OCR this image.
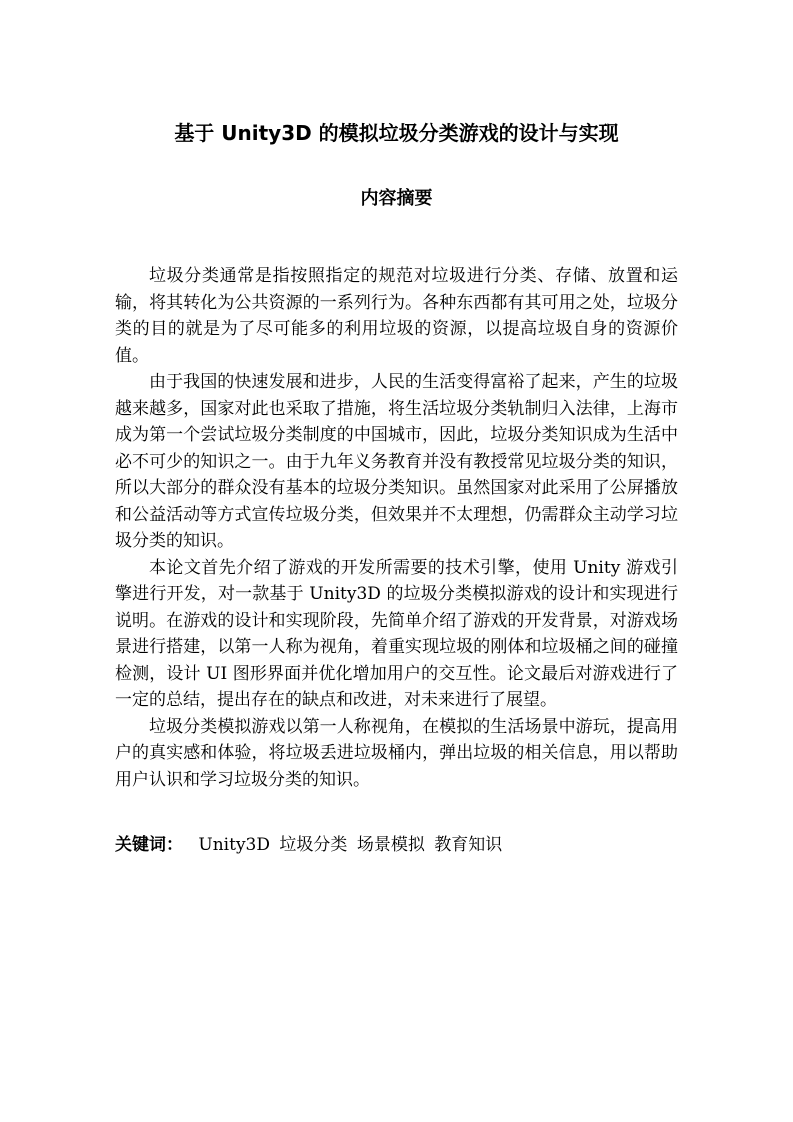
基于 Unity3D 的模拟垃圾分类游戏的设计与实现
内容摘要

垃圾分类通常是指按照指定的规范对垃圾进行分类、存储、放置和运输，将其转化为公共资源的一系列行为。各种东西都有其可用之处，垃圾分类的目的就是为了尽可能多的利用垃圾的资源，以提高垃圾自身的资源价值。

由于我国的快速发展和进步，人民的生活变得富裕了起来，产生的垃圾越来越多，国家对此也采取了措施，将生活垃圾分类轨制归入法律，上海市成为第一个尝试垃圾分类制度的中国城市，因此，垃圾分类知识成为生活中必不可少的知识之一。由于九年义务教育并没有教授常见垃圾分类的知识，所以大部分的群众没有基本的垃圾分类知识。虽然国家对此采用了公屏播放和公益活动等方式宣传垃圾分类，但效果并不太理想，仍需群众主动学习垃圾分类的知识。

本论文首先介绍了游戏的开发所需要的技术引擎，使用 Unity 游戏引擎进行开发，对一款基于 Unity3D 的垃圾分类模拟游戏的设计和实现进行说明。在游戏的设计和实现阶段，先简单介绍了游戏的开发背景，对游戏场景进行搭建，以第一人称为视角，着重实现垃圾的刚体和垃圾桶之间的碰撞检测，设计 UI 图形界面并优化增加用户的交互性。论文最后对游戏进行了一定的总结，提出存在的缺点和改进，对未来进行了展望。

垃圾分类模拟游戏以第一人称视角，在模拟的生活场景中游玩，提高用户的真实感和体验，将垃圾丢进垃圾桶内，弹出垃圾的相关信息，用以帮助用户认识和学习垃圾分类的知识。

关键词： Unity3D 垃圾分类 场景模拟 教育知识
